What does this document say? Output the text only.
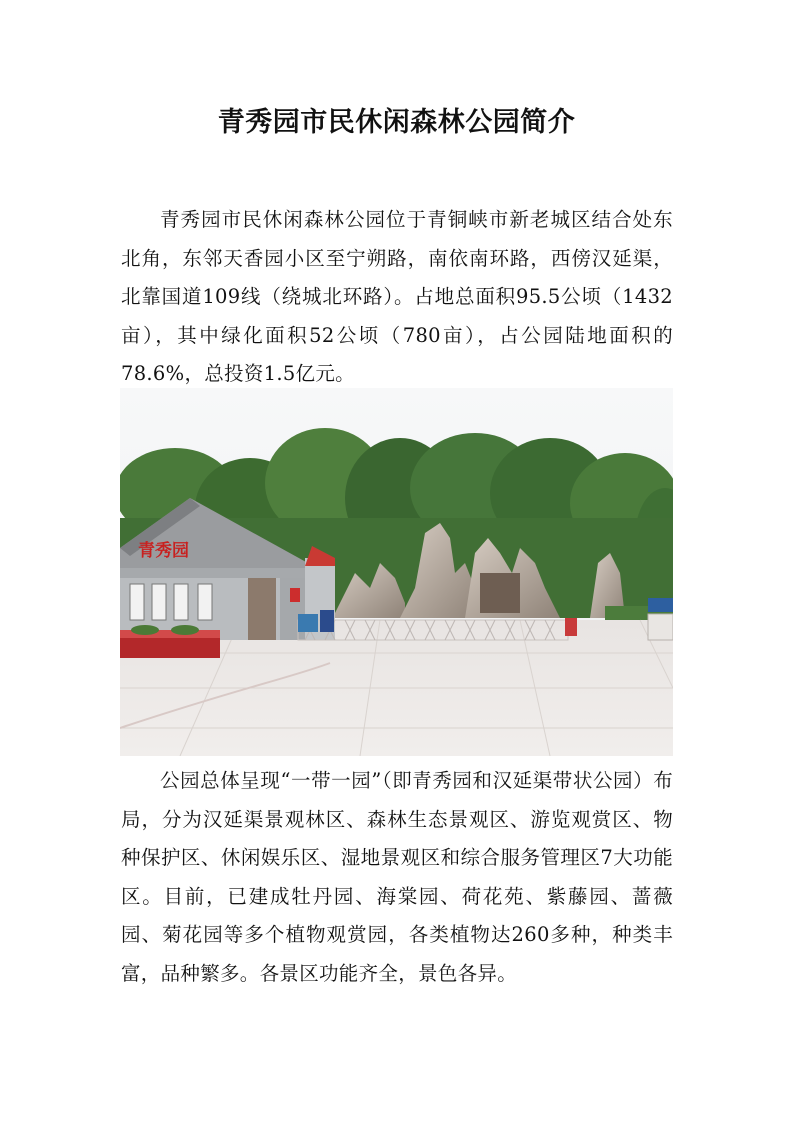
青秀园市民休闲森林公园简介

青秀园市民休闲森林公园位于青铜峡市新老城区结合处东北角，东邻天香园小区至宁朔路，南依南环路，西傍汉延渠，北靠国道109线（绕城北环路）。占地总面积95.5公顷（1432亩），其中绿化面积52公顷（780亩），占公园陆地面积的78.6%，总投资1.5亿元。

青秀园

公园总体呈现“一带一园”（即青秀园和汉延渠带状公园）布局，分为汉延渠景观林区、森林生态景观区、游览观赏区、物种保护区、休闲娱乐区、湿地景观区和综合服务管理区7大功能区。目前，已建成牡丹园、海棠园、荷花苑、紫藤园、蔷薇园、菊花园等多个植物观赏园，各类植物达260多种，种类丰富，品种繁多。各景区功能齐全，景色各异。
